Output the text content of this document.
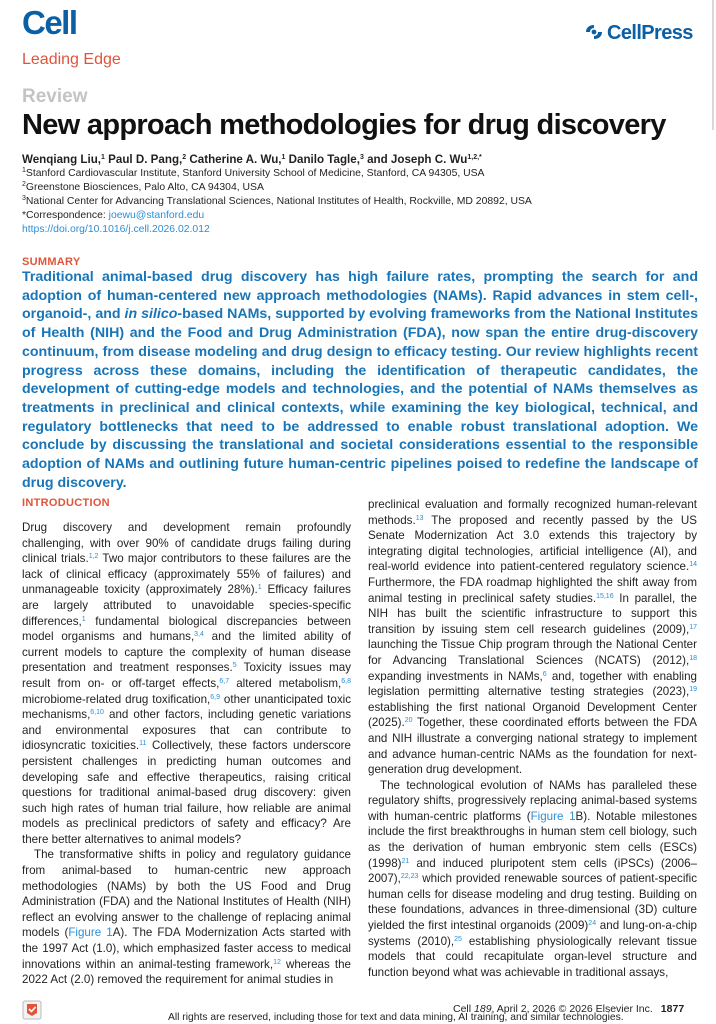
Cell
Leading Edge
CellPress
Review
New approach methodologies for drug discovery
Wenqiang Liu,$^1$ Paul D. Pang,$^2$ Catherine A. Wu,$^1$ Danilo Tagle,$^3$ and Joseph C. $Wu^{1,2,*}$
$^1$Stanford Cardiovascular Institute, Stanford University School of Medicine, Stanford, CA 94305, USA
$^2$Greenstone Biosciences, Palo Alto, CA 94304, USA
$^3$National Center for Advancing Translational Sciences, National Institutes of Health, Rockville, MD 20892, USA
*Correspondence: joewu@stanford.edu
https://doi.org/10.1016/j.cell.2026.02.012
SUMMARY
Traditional animal-based drug discovery has high failure rates, prompting the search for and adoption of human-centered new approach methodologies (NAMs). Rapid advances in stem cell-, organoid-, and in silico-based NAMs, supported by evolving frameworks from the National Institutes of Health (NIH) and the Food and Drug Administration (FDA), now span the entire drug-discovery continuum, from disease modeling and drug design to efficacy testing. Our review highlights recent progress across these domains, including the identification of therapeutic candidates, the development of cutting-edge models and technologies, and the potential of NAMs themselves as treatments in preclinical and clinical contexts, while examining the key biological, technical, and regulatory bottlenecks that need to be addressed to enable robust translational adoption. We conclude by discussing the translational and societal considerations essential to the responsible adoption of NAMs and outlining future human-centric pipelines poised to redefine the landscape of drug discovery.
INTRODUCTION

Drug discovery and development remain profoundly challenging, with over 90% of candidate drugs failing during clinical trials.$^{1,2}$ Two major contributors to these failures are the lack of clinical efficacy (approximately 55% of failures) and unmanageable toxicity (approximately 28%).$^1$ Efficacy failures are largely attributed to unavoidable species-specific differences,$^1$ fundamental biological discrepancies between model organisms and humans,$^{3,4}$ and the limited ability of current models to capture the complexity of human disease presentation and treatment responses.$^5$ Toxicity issues may result from on- or off-target effects,$^{6,7}$ altered metabolism,$^{6,8}$ microbiome-related drug toxification,$^{6,9}$ other unanticipated toxic mechanisms,$^{6,10}$ and other factors, including genetic variations and environmental exposures that can contribute to idiosyncratic toxicities.$^{11}$ Collectively, these factors underscore persistent challenges in predicting human outcomes and developing safe and effective therapeutics, raising critical questions for traditional animal-based drug discovery: given such high rates of human trial failure, how reliable are animal models as preclinical predictors of safety and efficacy? Are there better alternatives to animal models?

The transformative shifts in policy and regulatory guidance from animal-based to human-centric new approach methodologies (NAMs) by both the US Food and Drug Administration (FDA) and the National Institutes of Health (NIH) reflect an evolving answer to the challenge of replacing animal models (Figure 1A). The FDA Modernization Acts started with the 1997 Act (1.0), which emphasized faster access to medical innovations within an animal-testing framework,$^{12}$ whereas the 2022 Act (2.0) removed the requirement for animal studies in

preclinical evaluation and formally recognized human-relevant methods.$^{13}$ The proposed and recently passed by the US Senate Modernization Act 3.0 extends this trajectory by integrating digital technologies, artificial intelligence (AI), and real-world evidence into patient-centered regulatory science.$^{14}$ Furthermore, the FDA roadmap highlighted the shift away from animal testing in preclinical safety studies.$^{15,16}$ In parallel, the NIH has built the scientific infrastructure to support this transition by issuing stem cell research guidelines (2009),$^{17}$ launching the Tissue Chip program through the National Center for Advancing Translational Sciences (NCATS) (2012),$^{18}$ expanding investments in NAMs,$^6$ and, together with enabling legislation permitting alternative testing strategies (2023),$^{19}$ establishing the first national Organoid Development Center (2025).$^{20}$ Together, these coordinated efforts between the FDA and NIH illustrate a converging national strategy to implement and advance human-centric NAMs as the foundation for next-generation drug development.

The technological evolution of NAMs has paralleled these regulatory shifts, progressively replacing animal-based systems with human-centric platforms (Figure 1B). Notable milestones include the first breakthroughs in human stem cell biology, such as the derivation of human embryonic stem cells (ESCs) $(1998)^{21}$ and induced pluripotent stem cells (iPSCs) (2006–2007),$^{22,23}$ which provided renewable sources of patient-specific human cells for disease modeling and drug testing. Building on these foundations, advances in three-dimensional (3D) culture yielded the first intestinal organoids $(2009)^{24}$ and lung-on-a-chip systems (2010),$^{25}$ establishing physiologically relevant tissue models that could recapitulate organ-level structure and function beyond what was achievable in traditional assays,

Cell 189, April 2, 2026 © 2026 Elsevier Inc. 1877
All rights are reserved, including those for text and data mining, AI training, and similar technologies.
